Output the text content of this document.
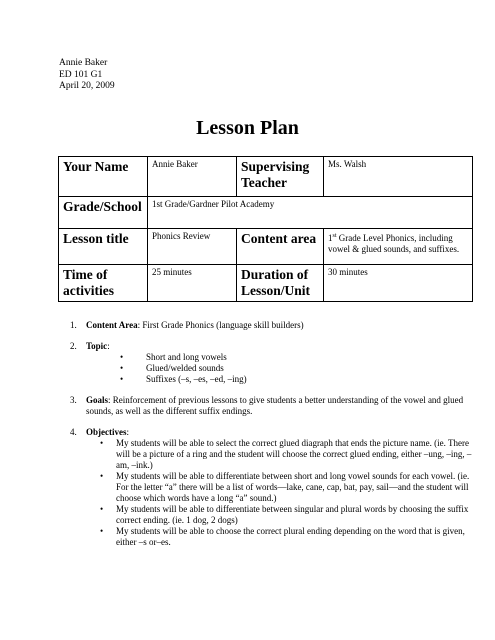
Annie Baker
ED 101 G1
April 20, 2009
Lesson Plan
Your Name	Annie Baker	Supervising Teacher	Ms. Walsh
Grade/School	1st Grade/Gardner Pilot Academy		
Lesson title	Phonics Review	Content area	1st Grade Level Phonics, including vowel & glued sounds, and suffixes.
Time of activities	25 minutes	Duration of Lesson/Unit	30 minutes
1. Content Area: First Grade Phonics (language skill builders)
2. Topic:
•	Short and long vowels
•	Glued/welded sounds
•	Suffixes (–s, –es, –ed, –ing)
3. Goals: Reinforcement of previous lessons to give students a better understanding of the vowel and glued sounds, as well as the different suffix endings.
4. Objectives:
• My students will be able to select the correct glued diagraph that ends the picture name. (ie. There will be a picture of a ring and the student will choose the correct glued ending, either –ung, –ing, –am, –ink.)
• My students will be able to differentiate between short and long vowel sounds for each vowel. (ie. For the letter “a” there will be a list of words—lake, cane, cap, bat, pay, sail—and the student will choose which words have a long “a” sound.)
• My students will be able to differentiate between singular and plural words by choosing the suffix correct ending. (ie. 1 dog, 2 dogs)
• My students will be able to choose the correct plural ending depending on the word that is given, either –s or–es.
